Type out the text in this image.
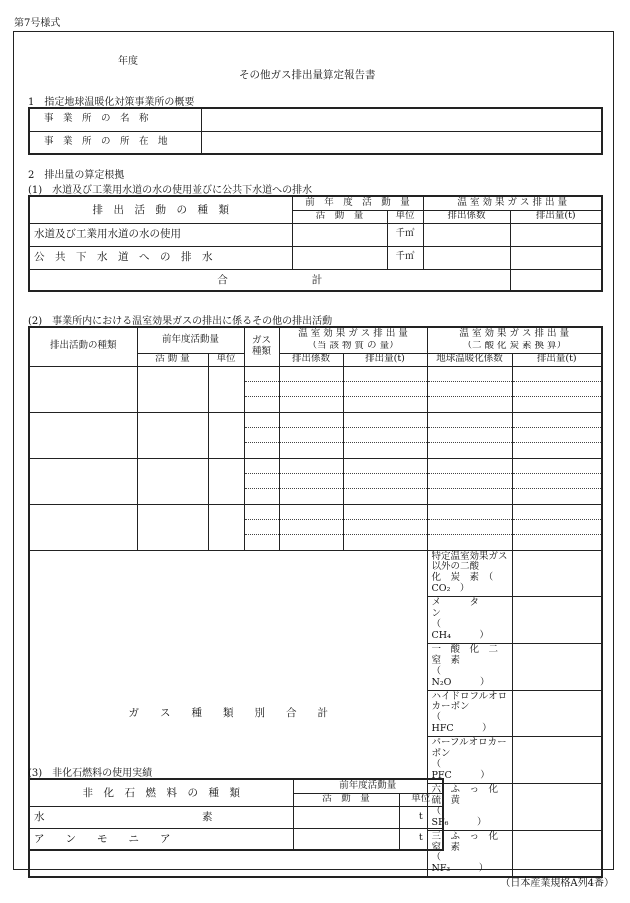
第7号様式
年度
その他ガス排出量算定報告書
1　指定地球温暖化対策事業所の概要
事　業　所　の　名　称	
事　業　所　の　所　在　地	
2　排出量の算定根拠
(1)　水道及び工業用水道の水の使用並びに公共下水道への排水
排　出　活　動　の　種　類	前　年　度　活　動　量		温 室 効 果 ガ ス 排 出 量	
	活　動　量	単位	排出係数	排出量(t)
水道及び工業用水道の水の使用		千㎥		
公　共　下　水　道　へ　の　排　水		千㎥		
合　　　　　　　　計				
(2)　事業所内における温室効果ガスの排出に係るその他の排出活動
排出活動の種類	前年度活動量		ガス種類	温 室 効 果 ガ ス 排 出 量		温 室 効 果 ガ ス 排 出 量	
				（当 該 物 質 の 量）		（二 酸 化 炭 素 換 算）	
	活 動 量	単位		排出係数	排出量(t)	地球温暖化係数	排出量(t)

ガ　　ス　　種　　類　　別　　合　　計						特定温室効果ガス以外の二酸
化　炭　素　（　CO₂　）	

						メ　　　タ　　　ン
（　　　CH₄　　　）	

						一　酸　化　二　窒　素
（　　　N₂O　　　）	

						ハイドロフルオロカーボン
（　　　HFC　　　）	

						パーフルオロカーボン
（　　　PFC　　　）	

						六　ふ　っ　化　硫　黄
（　　　SF₆　　　）	

						三　ふ　っ　化　窒　素
（　　　NF₃　　　）	

(3)　非化石燃料の使用実績
非　化　石　燃　料　の　種　類	前年度活動量	
	活　動　量	単位
水　　　　　　　　　　　　　　　素		t
ア　　ン　　モ　　ニ　　ア		t
（日本産業規格A列4番）
